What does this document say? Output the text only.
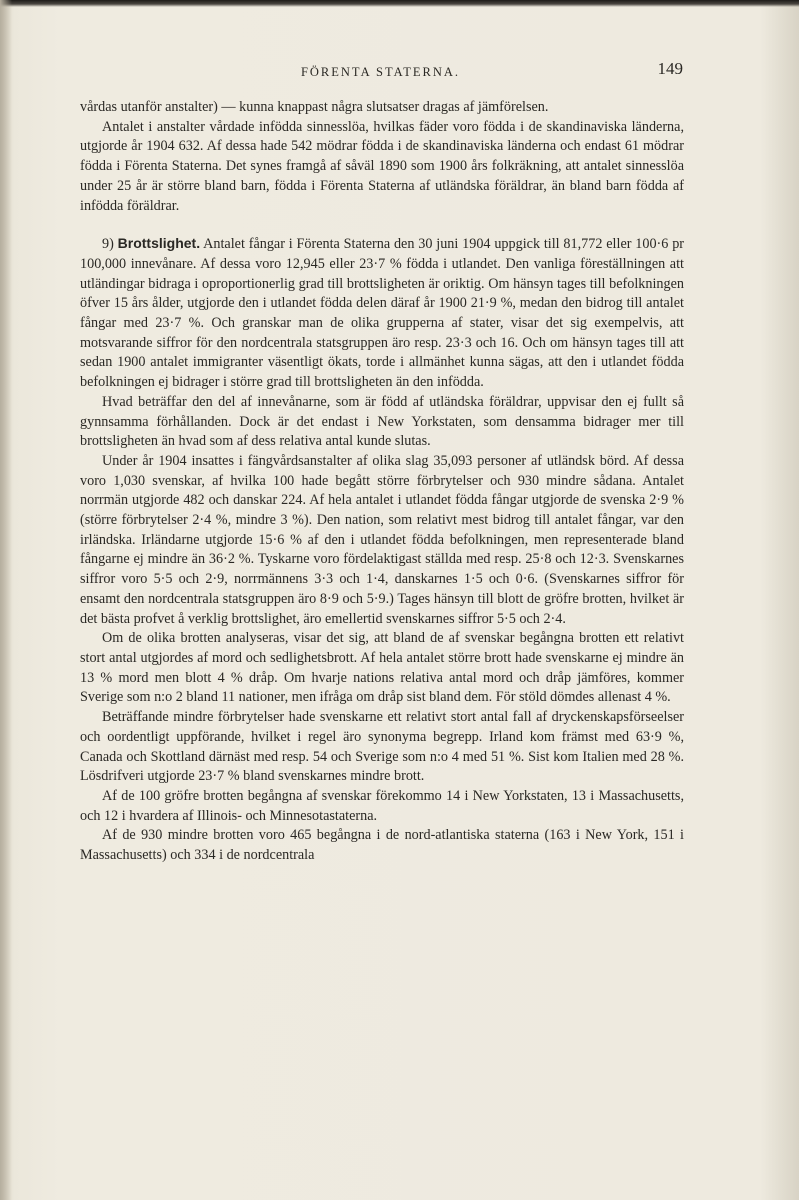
FÖRENTA STATERNA.	149

vårdas utanför anstalter) — kunna knappast några slutsatser dragas af jämförelsen.

Antalet i anstalter vårdade infödda sinnesslöa, hvilkas fäder voro födda i de skandinaviska länderna, utgjorde år 1904 632. Af dessa hade 542 mödrar födda i de skandinaviska länderna och endast 61 mödrar födda i Förenta Staterna. Det synes framgå af såväl 1890 som 1900 års folkräkning, att antalet sinnesslöa under 25 år är större bland barn, födda i Förenta Staterna af utländska föräldrar, än bland barn födda af infödda föräldrar.

9) Brottslighet. Antalet fångar i Förenta Staterna den 30 juni 1904 uppgick till 81,772 eller 100·6 pr 100,000 innevånare. Af dessa voro 12,945 eller 23·7 % födda i utlandet. Den vanliga föreställningen att utländingar bidraga i oproportionerlig grad till brottsligheten är oriktig. Om hänsyn tages till befolkningen öfver 15 års ålder, utgjorde den i utlandet födda delen däraf år 1900 21·9 %, medan den bidrog till antalet fångar med 23·7 %. Och granskar man de olika grupperna af stater, visar det sig exempelvis, att motsvarande siffror för den nordcentrala statsgruppen äro resp. 23·3 och 16. Och om hänsyn tages till att sedan 1900 antalet immigranter väsentligt ökats, torde i allmänhet kunna sägas, att den i utlandet födda befolkningen ej bidrager i större grad till brottsligheten än den infödda.

Hvad beträffar den del af innevånarne, som är född af utländska föräldrar, uppvisar den ej fullt så gynnsamma förhållanden. Dock är det endast i New Yorkstaten, som densamma bidrager mer till brottsligheten än hvad som af dess relativa antal kunde slutas.

Under år 1904 insattes i fängvårdsanstalter af olika slag 35,093 personer af utländsk börd. Af dessa voro 1,030 svenskar, af hvilka 100 hade begått större förbrytelser och 930 mindre sådana. Antalet norrmän utgjorde 482 och danskar 224. Af hela antalet i utlandet födda fångar utgjorde de svenska 2·9 % (större förbrytelser 2·4 %, mindre 3 %). Den nation, som relativt mest bidrog till antalet fångar, var den irländska. Irländarne utgjorde 15·6 % af den i utlandet födda befolkningen, men representerade bland fångarne ej mindre än 36·2 %. Tyskarne voro fördelaktigast ställda med resp. 25·8 och 12·3. Svenskarnes siffror voro 5·5 och 2·9, norrmännens 3·3 och 1·4, danskarnes 1·5 och 0·6. (Svenskarnes siffror för ensamt den nordcentrala statsgruppen äro 8·9 och 5·9.) Tages hänsyn till blott de gröfre brotten, hvilket är det bästa profvet å verklig brottslighet, äro emellertid svenskarnes siffror 5·5 och 2·4.

Om de olika brotten analyseras, visar det sig, att bland de af svenskar begångna brotten ett relativt stort antal utgjordes af mord och sedlighetsbrott. Af hela antalet större brott hade svenskarne ej mindre än 13 % mord men blott 4 % dråp. Om hvarje nations relativa antal mord och dråp jämföres, kommer Sverige som n:o 2 bland 11 nationer, men ifråga om dråp sist bland dem. För stöld dömdes allenast 4 %.

Beträffande mindre förbrytelser hade svenskarne ett relativt stort antal fall af dryckenskapsförseelser och oordentligt uppförande, hvilket i regel äro synonyma begrepp. Irland kom främst med 63·9 %, Canada och Skottland därnäst med resp. 54 och Sverige som n:o 4 med 51 %. Sist kom Italien med 28 %. Lösdrifveri utgjorde 23·7 % bland svenskarnes mindre brott.

Af de 100 gröfre brotten begångna af svenskar förekommo 14 i New Yorkstaten, 13 i Massachusetts, och 12 i hvardera af Illinois- och Minnesotastaterna.

Af de 930 mindre brotten voro 465 begångna i de nord-atlantiska staterna (163 i New York, 151 i Massachusetts) och 334 i de nordcentrala
